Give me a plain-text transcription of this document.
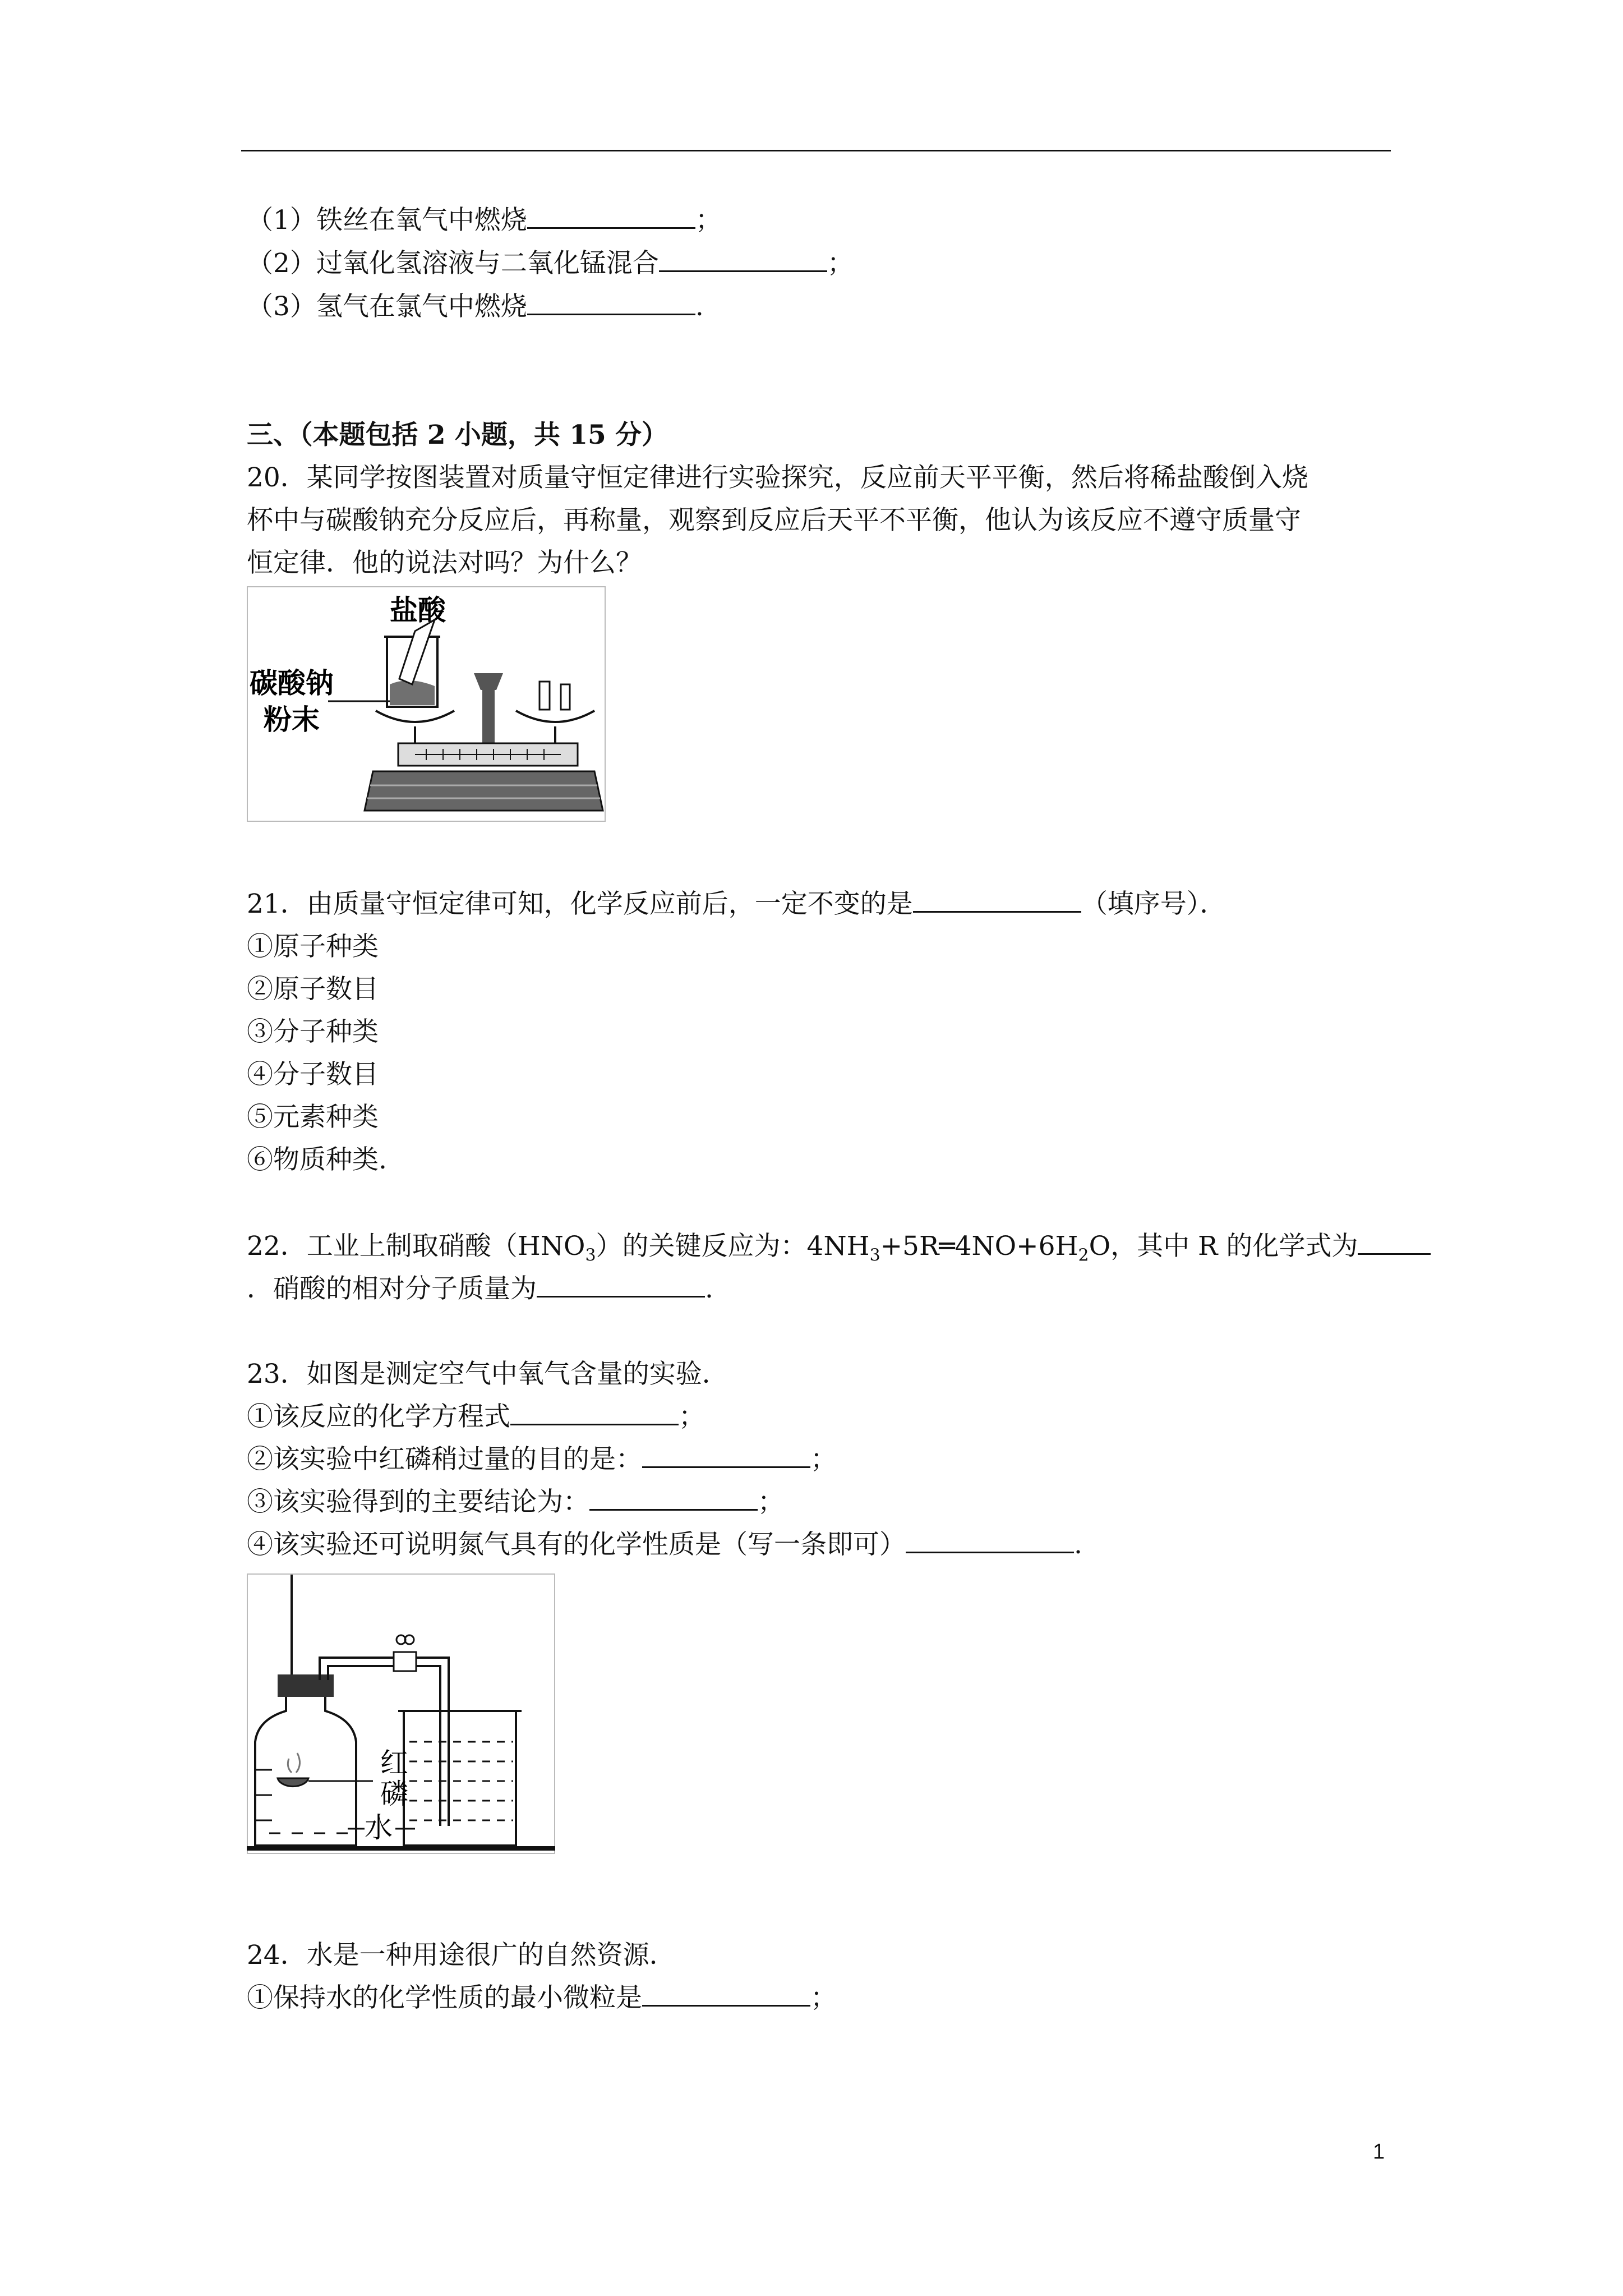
（1）铁丝在氧气中燃烧	；
（2）过氧化氢溶液与二氧化锰混合	；
（3）氢气在氯气中燃烧	.
三、（本题包括 2 小题，共 15 分）
20．某同学按图装置对质量守恒定律进行实验探究，反应前天平平衡，然后将稀盐酸倒入烧
杯中与碳酸钠充分反应后，再称量，观察到反应后天平不平衡，他认为该反应不遵守质量守
恒定律．他的说法对吗？为什么？
盐酸
碳酸钠
粉末
21．由质量守恒定律可知，化学反应前后，一定不变的是	（填序号）．
①原子种类
②原子数目
③分子种类
④分子数目
⑤元素种类
⑥物质种类.
22．工业上制取硝酸$(HNO_3)$的关键反应为：$4NH_3+5R═4NO+6H_2O$，其中 R 的化学式为
．硝酸的相对分子质量为	.
23．如图是测定空气中氧气含量的实验．
①该反应的化学方程式	；
②该实验中红磷稍过量的目的是：	；
③该实验得到的主要结论为：	；
④该实验还可说明氮气具有的化学性质是（写一条即可）	.
红
磷
水
24．水是一种用途很广的自然资源．
①保持水的化学性质的最小微粒是	；
1
